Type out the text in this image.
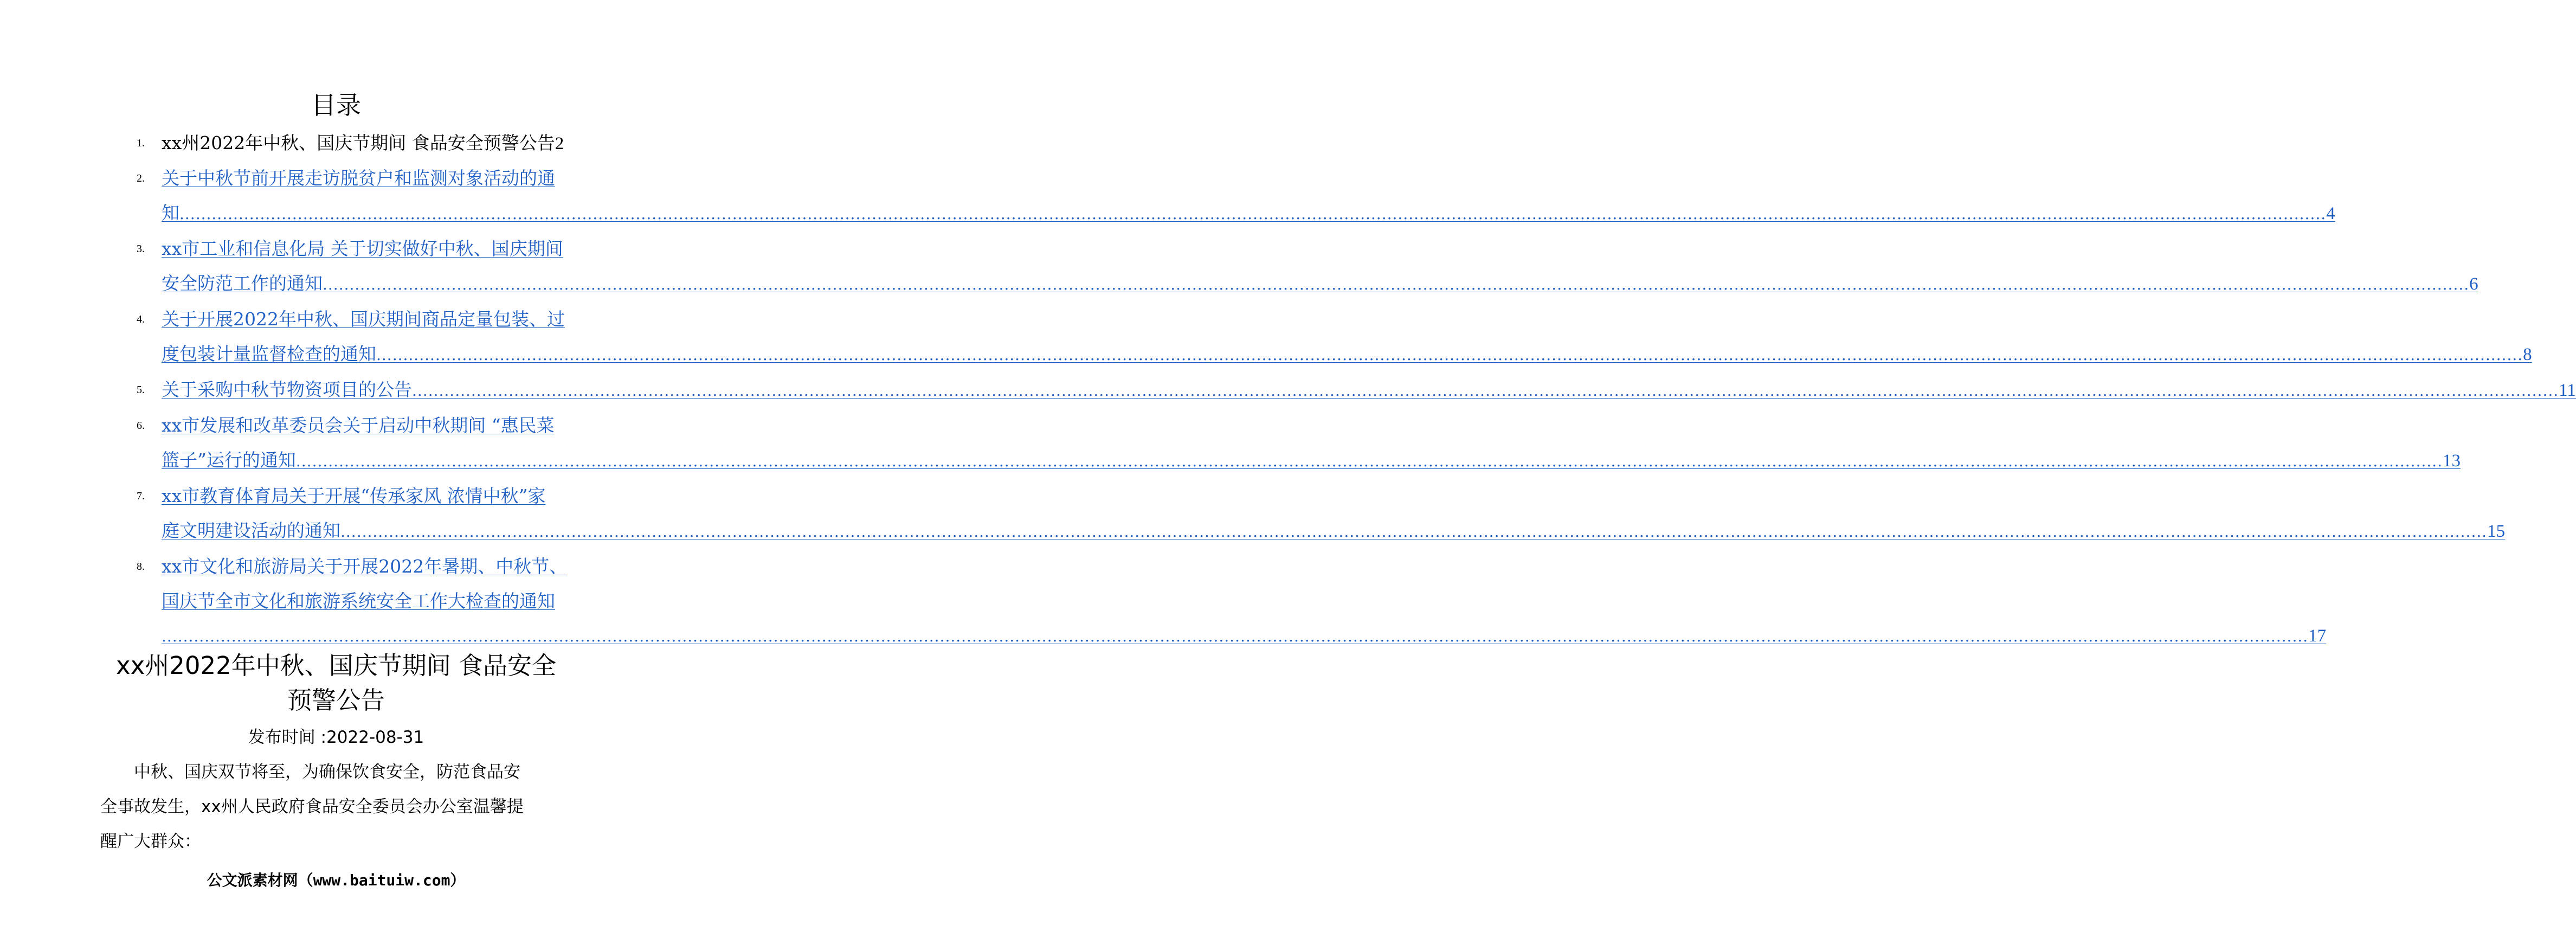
目录
1. xx州2022年中秋、国庆节期间 食品安全预警公告 2
2. 关于中秋节前开展走访脱贫户和监测对象活动的通
知 ................................................................................................................................................................................................................................................................................................................................................................................................................ 4
3. xx市工业和信息化局 关于切实做好中秋、国庆期间
安全防范工作的通知 ................................................................................................................................................................................................................................................................................................................................................................................................................ 6
4. 关于开展2022年中秋、国庆期间商品定量包装、过
度包装计量监督检查的通知 ................................................................................................................................................................................................................................................................................................................................................................................................................ 8
5. 关于采购中秋节物资项目的公告 ................................................................................................................................................................................................................................................................................................................................................................................................................ 11
6. xx市发展和改革委员会关于启动中秋期间 “惠民菜
篮子”运行的通知 ................................................................................................................................................................................................................................................................................................................................................................................................................ 13
7. xx市教育体育局关于开展“传承家风 浓情中秋”家
庭文明建设活动的通知 ................................................................................................................................................................................................................................................................................................................................................................................................................ 15
8. xx市文化和旅游局关于开展2022年暑期、中秋节、
国庆节全市文化和旅游系统安全工作大检查的通知
................................................................................................................................................................................................................................................................................................................................................................................................................ 17
xx州2022年中秋、国庆节期间 食品安全
预警公告
发布时间 :2022-08-31

中秋、国庆双节将至，为确保饮食安全，防范食品安

全事故发生，xx州人民政府食品安全委员会办公室温馨提

醒广大群众：

公文派素材网（www.baituiw.com）
